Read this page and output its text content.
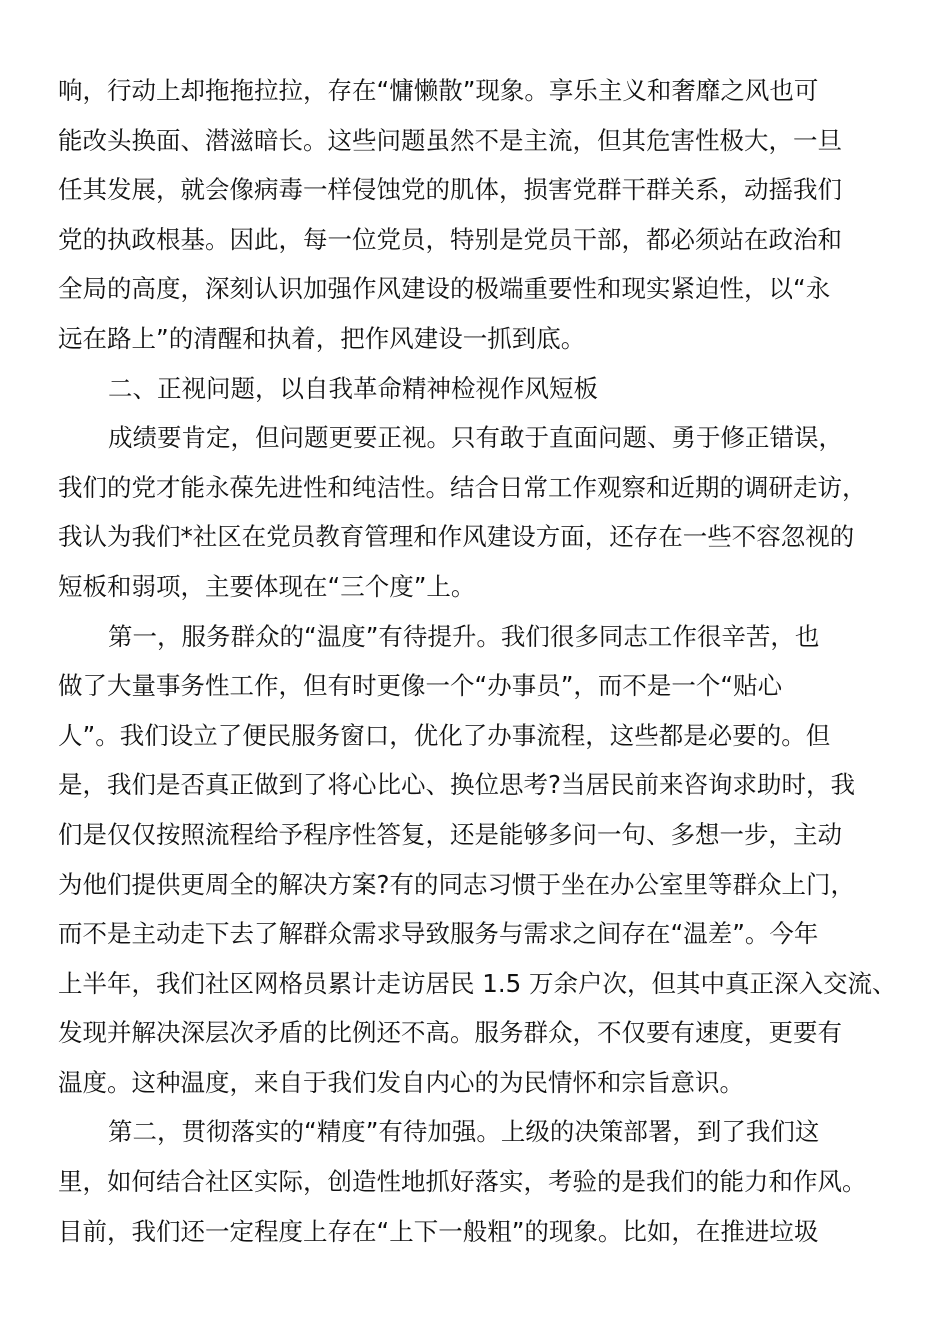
响，行动上却拖拖拉拉，存在“慵懒散”现象。享乐主义和奢靡之风也可
能改头换面、潜滋暗长。这些问题虽然不是主流，但其危害性极大，一旦
任其发展，就会像病毒一样侵蚀党的肌体，损害党群干群关系，动摇我们
党的执政根基。因此，每一位党员，特别是党员干部，都必须站在政治和
全局的高度，深刻认识加强作风建设的极端重要性和现实紧迫性，以“永
远在路上”的清醒和执着，把作风建设一抓到底。
二、正视问题，以自我革命精神检视作风短板
成绩要肯定，但问题更要正视。只有敢于直面问题、勇于修正错误，
我们的党才能永葆先进性和纯洁性。结合日常工作观察和近期的调研走访，
我认为我们*社区在党员教育管理和作风建设方面，还存在一些不容忽视的
短板和弱项，主要体现在“三个度”上。
第一，服务群众的“温度”有待提升。我们很多同志工作很辛苦，也
做了大量事务性工作，但有时更像一个“办事员”，而不是一个“贴心
人”。我们设立了便民服务窗口，优化了办事流程，这些都是必要的。但
是，我们是否真正做到了将心比心、换位思考?当居民前来咨询求助时，我
们是仅仅按照流程给予程序性答复，还是能够多问一句、多想一步，主动
为他们提供更周全的解决方案?有的同志习惯于坐在办公室里等群众上门，
而不是主动走下去了解群众需求导致服务与需求之间存在“温差”。今年
上半年，我们社区网格员累计走访居民 1.5 万余户次，但其中真正深入交流、
发现并解决深层次矛盾的比例还不高。服务群众，不仅要有速度，更要有
温度。这种温度，来自于我们发自内心的为民情怀和宗旨意识。
第二，贯彻落实的“精度”有待加强。上级的决策部署，到了我们这
里，如何结合社区实际，创造性地抓好落实，考验的是我们的能力和作风。
目前，我们还一定程度上存在“上下一般粗”的现象。比如，在推进垃圾
